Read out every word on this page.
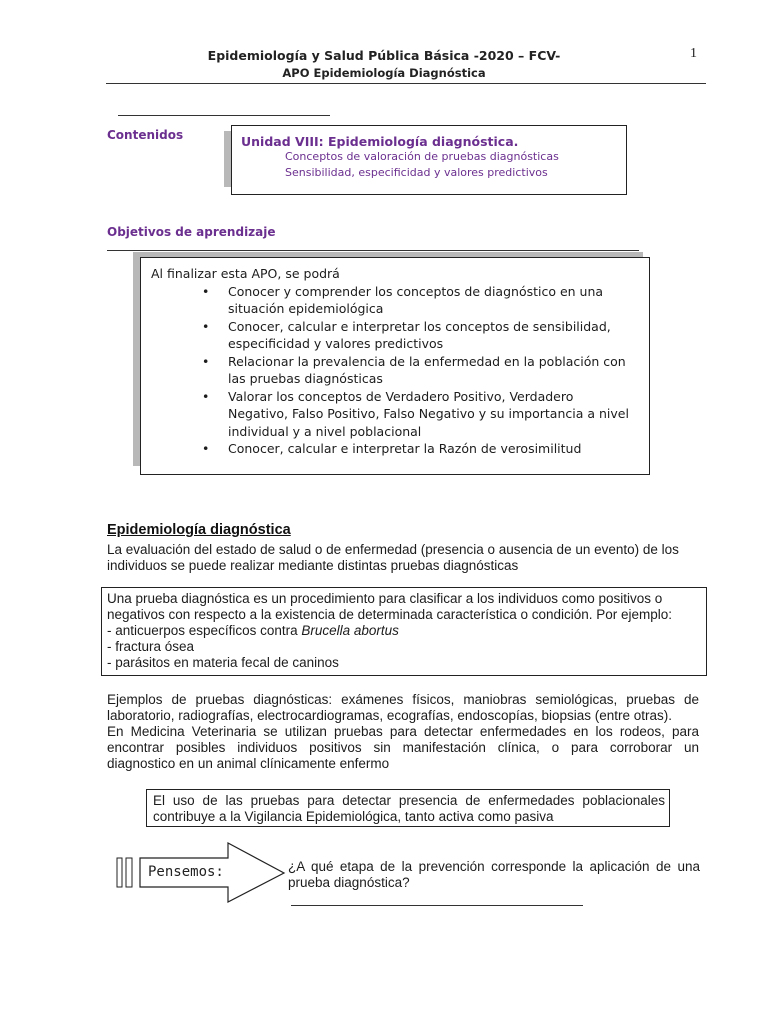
Epidemiología y Salud Pública Básica -2020 – FCV-
APO Epidemiología Diagnóstica
1
Contenidos	Unidad VIII: Epidemiología diagnóstica.
Conceptos de valoración de pruebas diagnósticas
Sensibilidad, especificidad y valores predictivos
Objetivos de aprendizaje
Al finalizar esta APO, se podrá
•	Conocer y comprender los conceptos de diagnóstico en una situación epidemiológica
•	Conocer, calcular e interpretar los conceptos de sensibilidad, especificidad y valores predictivos
•	Relacionar la prevalencia de la enfermedad en la población con las pruebas diagnósticas
•	Valorar los conceptos de Verdadero Positivo, Verdadero Negativo, Falso Positivo, Falso Negativo y su importancia a nivel individual y a nivel poblacional
•	Conocer, calcular e interpretar la Razón de verosimilitud
Epidemiología diagnóstica
La evaluación del estado de salud o de enfermedad (presencia o ausencia de un evento) de los
individuos se puede realizar mediante distintas pruebas diagnósticas
Una prueba diagnóstica es un procedimiento para clasificar a los individuos como positivos o
negativos con respecto a la existencia de determinada característica o condición. Por ejemplo:
- anticuerpos específicos contra Brucella abortus
- fractura ósea
- parásitos en materia fecal de caninos
Ejemplos de pruebas diagnósticas: exámenes físicos, maniobras semiológicas, pruebas de
laboratorio, radiografías, electrocardiogramas, ecografías, endoscopías, biopsias (entre otras).
En Medicina Veterinaria se utilizan pruebas para detectar enfermedades en los rodeos, para
encontrar posibles individuos positivos sin manifestación clínica, o para corroborar un
diagnostico en un animal clínicamente enfermo
El uso de las pruebas para detectar presencia de enfermedades poblacionales
contribuye a la Vigilancia Epidemiológica, tanto activa como pasiva
Pensemos:	¿A qué etapa de la prevención corresponde la aplicación de una
prueba diagnóstica?
